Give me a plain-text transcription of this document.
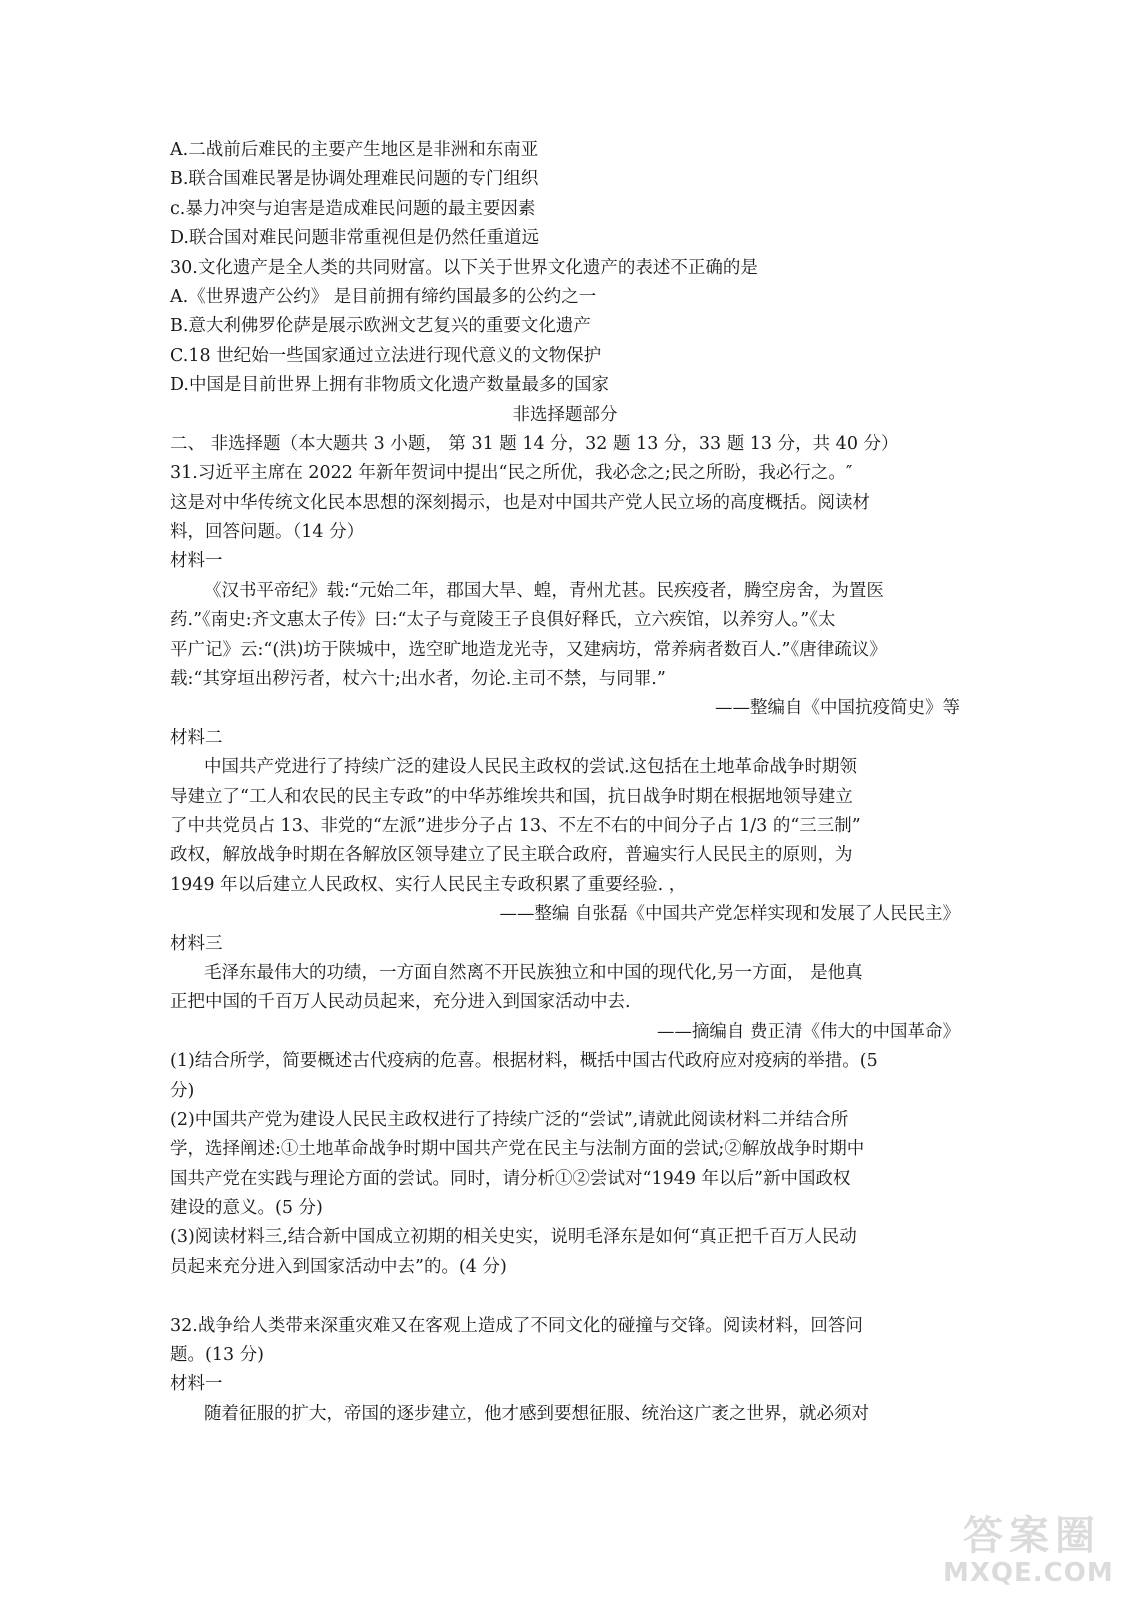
A.二战前后难民的主要产生地区是非洲和东南亚
B.联合国难民署是协调处理难民问题的专门组织
c.暴力冲突与迫害是造成难民问题的最主要因素
D.联合国对难民问题非常重视但是仍然任重道远
30.文化遗产是全人类的共同财富。以下关于世界文化遗产的表述不正确的是
A.《世界遗产公约》 是目前拥有缔约国最多的公约之一
B.意大利佛罗伦萨是展示欧洲文艺复兴的重要文化遗产
C.18 世纪始一些国家通过立法进行现代意义的文物保护
D.中国是目前世界上拥有非物质文化遗产数量最多的国家
非选择题部分
二、 非选择题（本大题共 3 小题， 第 31 题 14 分，32 题 13 分，33 题 13 分，共 40 分）
31.习近平主席在 2022 年新年贺词中提出“民之所优，我必念之;民之所盼，我必行之。″
这是对中华传统文化民本思想的深刻揭示，也是对中国共产党人民立场的高度概括。阅读材
料，回答问题。（14 分）
材料一
《汉书平帝纪》载:“元始二年，郡国大旱、蝗，青州尤甚。民疾疫者，腾空房舍，为置医
药.”《南史:齐文惠太子传》曰:“太子与竟陵王子良俱好释氏，立六疾馆，以养穷人。”《太
平广记》云:“(洪)坊于陕城中，选空旷地造龙光寺，又建病坊，常养病者数百人.”《唐律疏议》
载:“其穿垣出秽污者，杖六十;出水者，勿论.主司不禁，与同罪.”
——整编自《中国抗疫简史》等
材料二
中国共产党进行了持续广泛的建设人民民主政权的尝试.这包括在土地革命战争时期领
导建立了“工人和农民的民主专政”的中华苏维埃共和国，抗日战争时期在根据地领导建立
了中共党员占 13、非党的“左派”进步分子占 13、不左不右的中间分子占 1/3 的“三三制”
政权，解放战争时期在各解放区领导建立了民主联合政府，普遍实行人民民主的原则，为
1949 年以后建立人民政权、实行人民民主专政积累了重要经验. ，
——整编 自张磊《中国共产党怎样实现和发展了人民民主》
材料三
毛泽东最伟大的功绩，一方面自然离不开民族独立和中国的现代化,另一方面， 是他真
正把中国的千百万人民动员起来，充分进入到国家活动中去.
——摘编自 费正清《伟大的中国革命》
(1)结合所学，简要概述古代疫病的危喜。根据材料，概括中国古代政府应对疫病的举措。(5
分)
(2)中国共产党为建设人民民主政权进行了持续广泛的“尝试”,请就此阅读材料二并结合所
学，选择阐述:①土地革命战争时期中国共产党在民主与法制方面的尝试;②解放战争时期中
国共产党在实践与理论方面的尝试。同时，请分析①②尝试对“1949 年以后”新中国政权
建设的意义。(5 分)
(3)阅读材料三,结合新中国成立初期的相关史实，说明毛泽东是如何“真正把千百万人民动
员起来充分进入到国家活动中去”的。(4 分)
32.战争给人类带来深重灾难又在客观上造成了不同文化的碰撞与交锋。阅读材料，回答问
题。(13 分)
材料一
随着征服的扩大，帝国的逐步建立，他才感到要想征服、统治这广袤之世界，就必须对
答案圈
MXQE.COM
